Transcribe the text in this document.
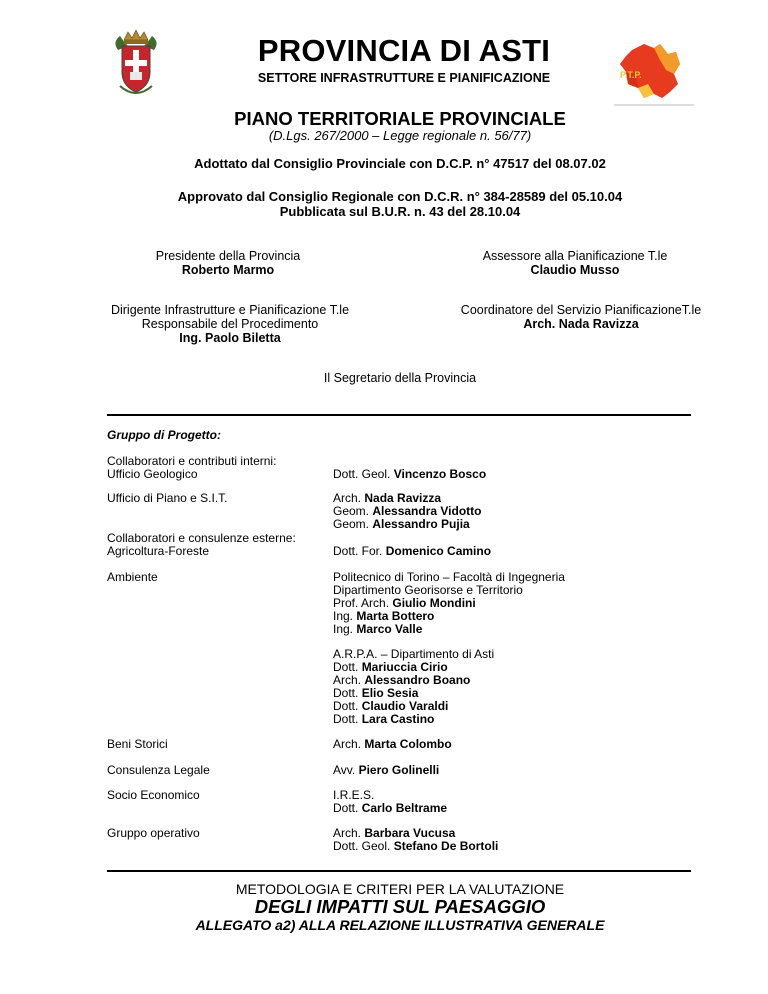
P.T.P.
PROVINCIA DI ASTI
SETTORE INFRASTRUTTURE E PIANIFICAZIONE
PIANO TERRITORIALE PROVINCIALE
(D.Lgs. 267/2000 – Legge regionale n. 56/77)
Adottato dal Consiglio Provinciale con D.C.P. n° 47517 del 08.07.02
Approvato dal Consiglio Regionale con D.C.R. n° 384-28589 del 05.10.04
Pubblicata sul B.U.R. n. 43 del 28.10.04
Presidente della Provincia
Roberto Marmo
Assessore alla Pianificazione T.le
Claudio Musso
Dirigente Infrastrutture e Pianificazione T.le
Responsabile del Procedimento
Ing. Paolo Biletta
Coordinatore del Servizio PianificazioneT.le
Arch. Nada Ravizza
Il Segretario della Provincia
Gruppo di Progetto:
Collaboratori e contributi interni:
Ufficio Geologico	Dott. Geol. Vincenzo Bosco
Ufficio di Piano e S.I.T.	Arch. Nada Ravizza
Geom. Alessandra Vidotto
Geom. Alessandro Pujia
Collaboratori e consulenze esterne:
Agricoltura-Foreste	Dott. For. Domenico Camino
Ambiente	Politecnico di Torino – Facoltà di Ingegneria
Dipartimento Georisorse e Territorio
Prof. Arch. Giulio Mondini
Ing. Marta Bottero
Ing. Marco Valle
A.R.P.A. – Dipartimento di Asti
Dott. Mariuccia Cirio
Arch. Alessandro Boano
Dott. Elio Sesia
Dott. Claudio Varaldi
Dott. Lara Castino
Beni Storici	Arch. Marta Colombo
Consulenza Legale	Avv. Piero Golinelli
Socio Economico	I.R.E.S.
Dott. Carlo Beltrame
Gruppo operativo	Arch. Barbara Vucusa
Dott. Geol. Stefano De Bortoli
METODOLOGIA E CRITERI PER LA VALUTAZIONE
DEGLI IMPATTI SUL PAESAGGIO
ALLEGATO a2) ALLA RELAZIONE ILLUSTRATIVA GENERALE
